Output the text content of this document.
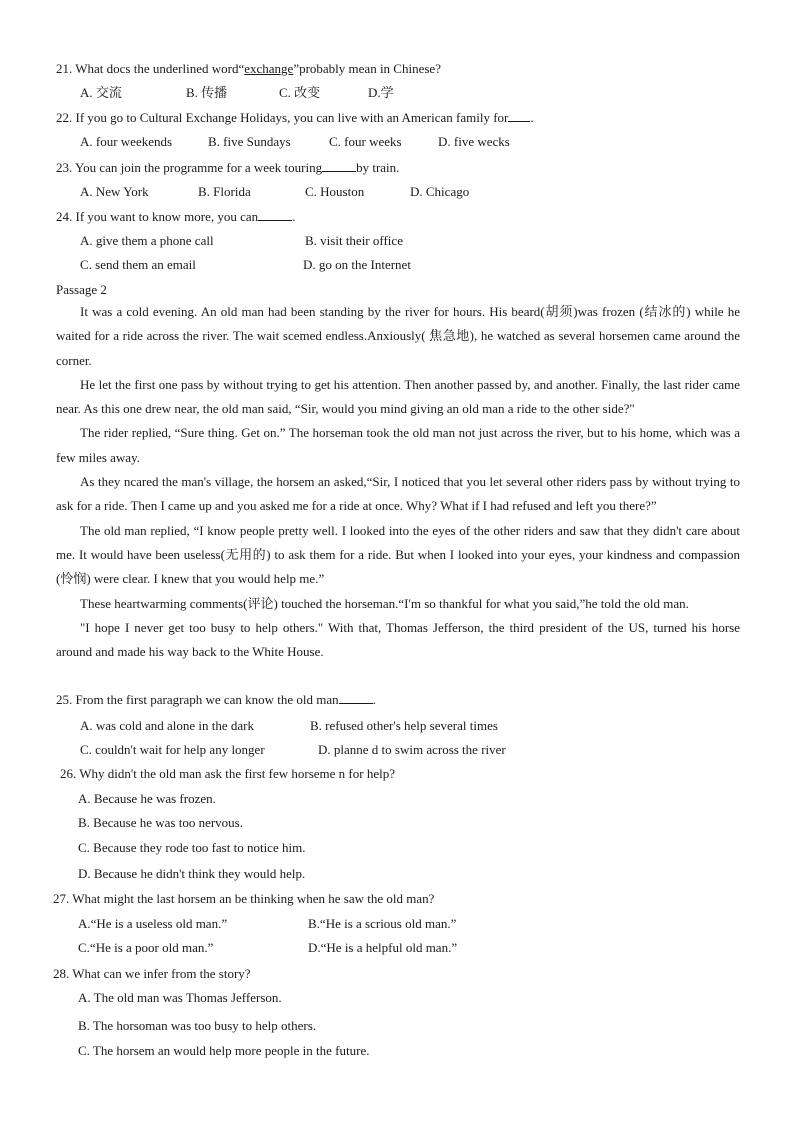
21. What docs the underlined word“exchange”probably mean in Chinese?
A. 交流	B. 传播	C. 改变	D.学
22. If you go to Cultural Exchange Holidays, you can live with an American family for .
A. four weekends	B. five Sundays	C. four weeks	D. five wecks
23. You can join the programme for a week touring	by train.
A. New York	B. Florida	C. Houston	D. Chicago
24. If you want to know more, you can	.
A. give them a phone call	B. visit their office
C. send them an email	D. go on the Internet
Passage 2

It was a cold evening. An old man had been standing by the river for hours. His beard(胡须)was frozen (结冰的) while he waited for a ride across the river. The wait scemed endless.Anxiously( 焦急地), he watched as several horsemen came around the corner.

He let the first one pass by without trying to get his attention. Then another passed by, and another. Finally, the last rider came near. As this one drew near, the old man said, “Sir, would you mind giving an old man a ride to the other side?"

The rider replied, “Sure thing. Get on.” The horseman took the old man not just across the river, but to his home, which was a few miles away.

As they ncared the man's village, the horsem an asked,“Sir, I noticed that you let several other riders pass by without trying to ask for a ride. Then I came up and you asked me for a ride at once. Why? What if I had refused and left you there?”

The old man replied, “I know people pretty well. I looked into the eyes of the other riders and saw that they didn't care about me. It would have been useless(无用的) to ask them for a ride. But when I looked into your eyes, your kindness and compassion (怜悯) were clear. I knew that you would help me.”

These heartwarming comments(评论) touched the horseman.“I'm so thankful for what you said,”he told the old man.

"I hope I never get too busy to help others." With that, Thomas Jefferson, the third president of the US, turned his horse around and made his way back to the White House.

25. From the first paragraph we can know the old man	.
A. was cold and alone in the dark	B. refused other's help several times
C. couldn't wait for help any longer	D. planne d to swim across the river
26. Why didn't the old man ask the first few horseme n for help?
A. Because he was frozen.
B. Because he was too nervous.
C. Because they rode too fast to notice him.
D. Because he didn't think they would help.
27. What might the last horsem an be thinking when he saw the old man?
A.“He is a useless old man.”	B.“He is a scrious old man.”
C.“He is a poor old man.”	D.“He is a helpful old man.”
28. What can we infer from the story?
A. The old man was Thomas Jefferson.
B. The horsoman was too busy to help others.
C. The horsem an would help more people in the future.
